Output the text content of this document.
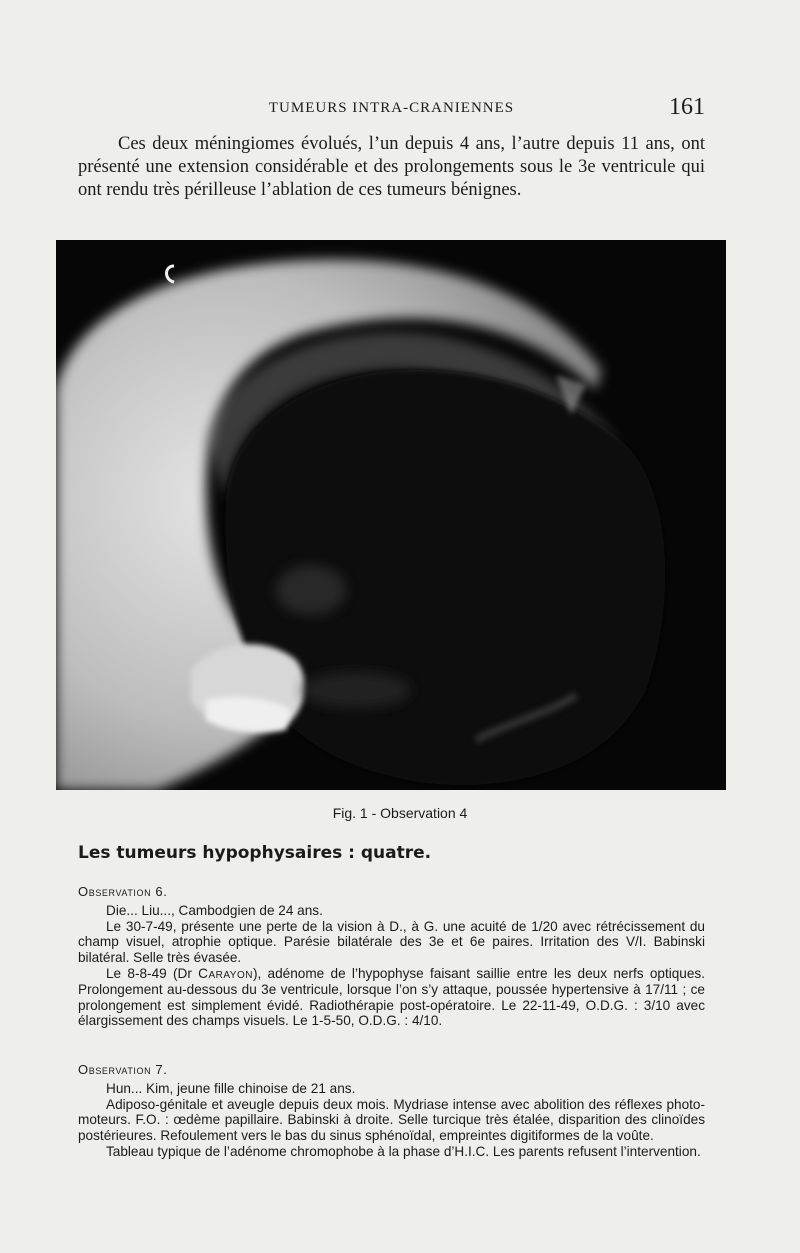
TUMEURS INTRA-CRANIENNES	161

Ces deux méningiomes évolués, l’un depuis 4 ans, l’autre depuis 11 ans, ont présenté une extension considérable et des prolongements sous le 3e ventricule qui ont rendu très périlleuse l’ablation de ces tumeurs bénignes.

Fig. 1 - Observation 4
Les tumeurs hypophysaires : quatre.
Observation 6.

Die... Liu..., Cambodgien de 24 ans.

Le 30-7-49, présente une perte de la vision à D., à G. une acuité de 1/20 avec rétrécissement du champ visuel, atrophie optique. Parésie bilatérale des 3e et 6e paires. Irritation des V/I. Babinski bilatéral. Selle très évasée.

Le 8-8-49 (Dr Carayon), adénome de l’hypophyse faisant saillie entre les deux nerfs optiques. Prolongement au-dessous du 3e ventricule, lorsque l’on s’y attaque, poussée hypertensive à 17/11 ; ce prolongement est simplement évidé. Radiothérapie post-opératoire. Le 22-11-49, O.D.G. : 3/10 avec élargissement des champs visuels. Le 1-5-50, O.D.G. : 4/10.

Observation 7.

Hun... Kim, jeune fille chinoise de 21 ans.

Adiposo-génitale et aveugle depuis deux mois. Mydriase intense avec abolition des réflexes photo-moteurs. F.O. : œdème papillaire. Babinski à droite. Selle turcique très étalée, disparition des clinoïdes postérieures. Refoulement vers le bas du sinus sphénoïdal, empreintes digitiformes de la voûte.

Tableau typique de l’adénome chromophobe à la phase d’H.I.C. Les parents refusent l’intervention.
